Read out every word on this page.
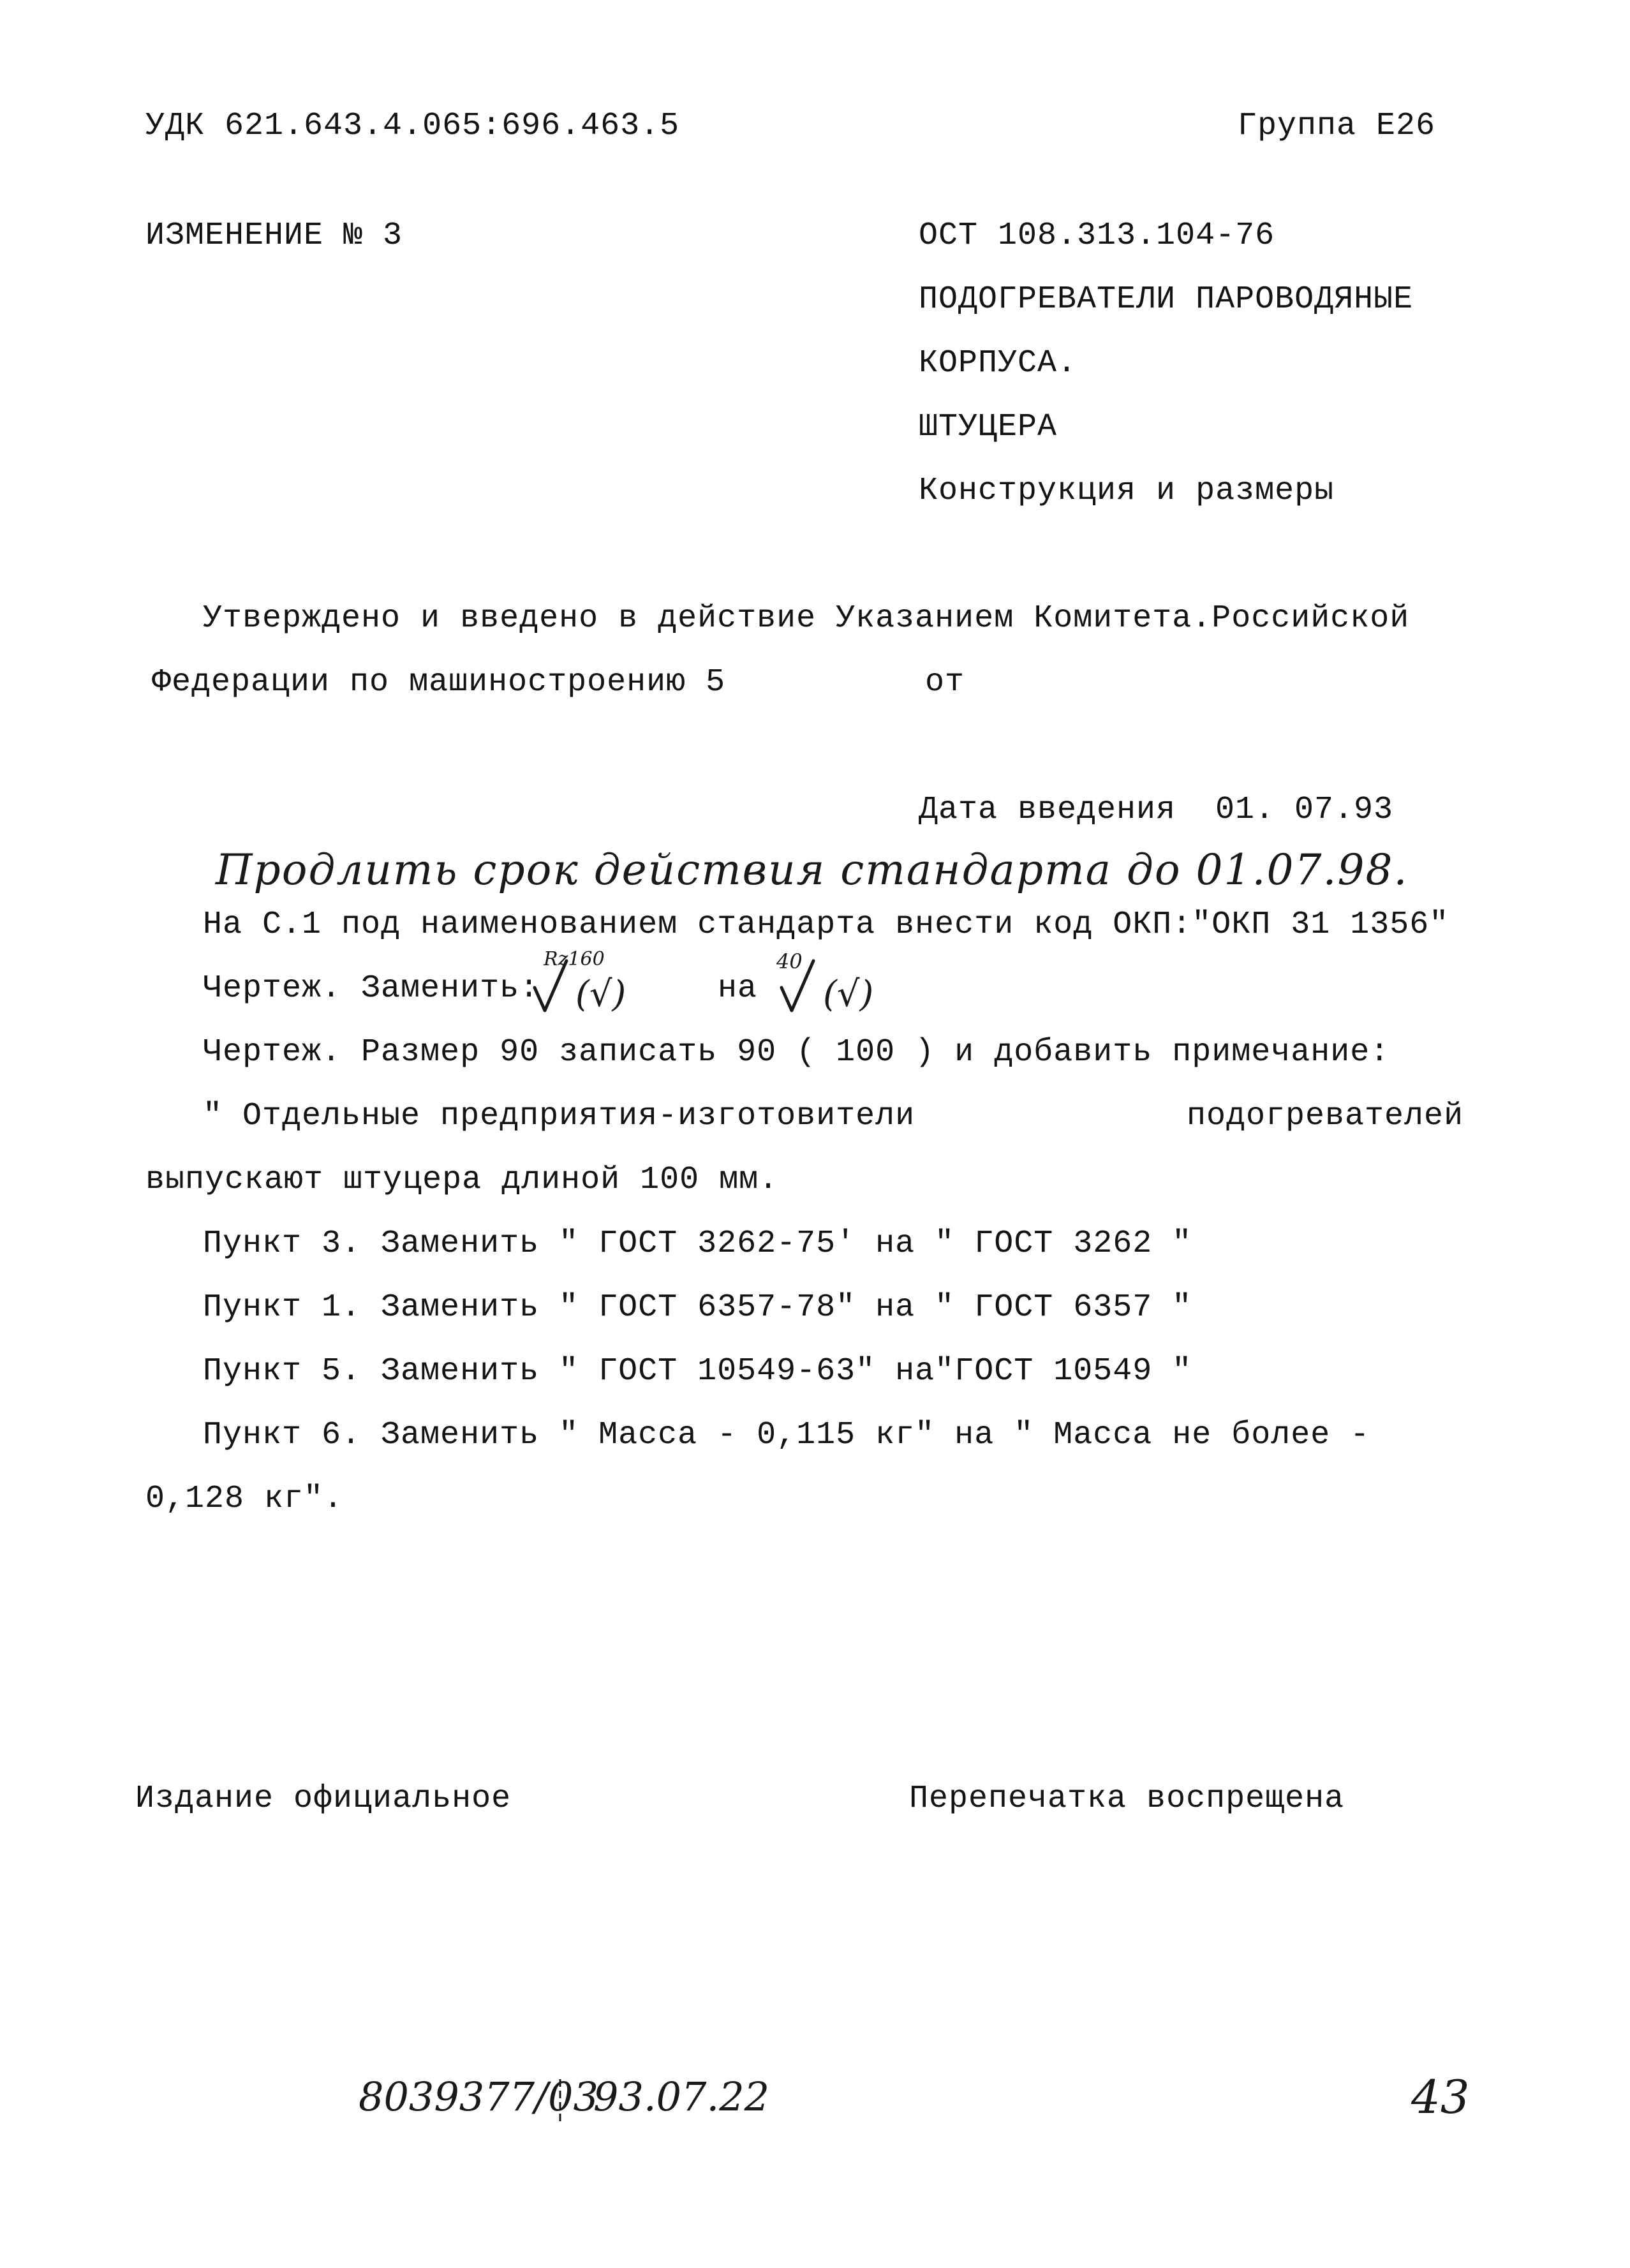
УДК 621.643.4.065:696.463.5	Группа Е26
ИЗМЕНЕНИЕ № 3	ОСТ 108.313.104-76
ПОДОГРЕВАТЕЛИ ПАРОВОДЯНЫЕ
КОРПУСА.
ШТУЦЕРА
Конструкция и размеры
Утверждено и введено в действие Указанием Комитета.Российской
Федерации по машиностроению 5	от
Дата введения 01. 07.93
Продлить срок действия стандарта до 01.07.98.
На С.1 под наименованием стандарта внести код ОКП:"ОКП 31 1356"
Чертеж. Заменить:
Rz160
(√)	на
40
(√)
Чертеж. Размер 90 записать 90 ( 100 ) и добавить примечание:
" Отдельные предприятия-изготовители	подогревателей
выпускают штуцера длиной 100 мм.
Пункт 3. Заменить " ГОСТ 3262-75' на " ГОСТ 3262 "
Пункт 1. Заменить " ГОСТ 6357-78" на " ГОСТ 6357 "
Пункт 5. Заменить " ГОСТ 10549-63" на"ГОСТ 10549 "
Пункт 6. Заменить " Масса - 0,115 кг" на " Масса не более -
0,128 кг".
Издание официальное	Перепечатка воспрещена
8039377/03
93.07.22	43
